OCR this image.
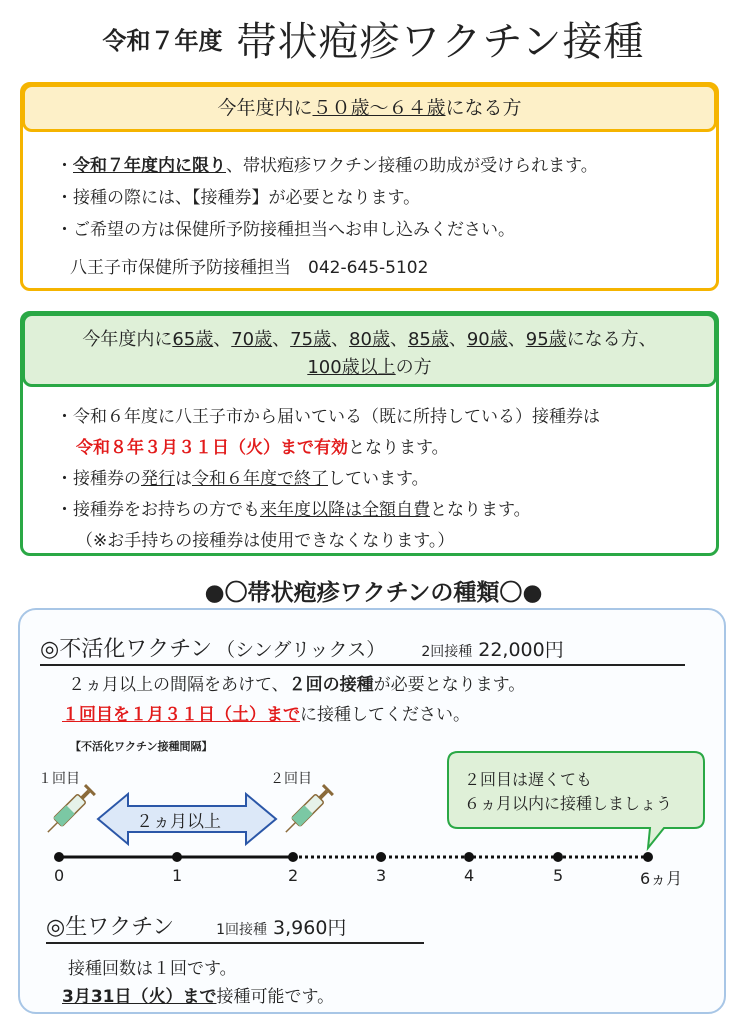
令和７年度 帯状疱疹ワクチン接種
今年度内に５０歳～６４歳になる方
・令和７年度内に限り、帯状疱疹ワクチン接種の助成が受けられます。
・接種の際には、【接種券】が必要となります。
・ご希望の方は保健所予防接種担当へお申し込みください。
八王子市保健所予防接種担当　042-645-5102
今年度内に65歳、70歳、75歳、80歳、85歳、90歳、95歳になる方、
100歳以上の方
・令和６年度に八王子市から届いている（既に所持している）接種券は
令和８年３月３１日（火）まで有効となります。
・接種券の発行は令和６年度で終了しています。
・接種券をお持ちの方でも来年度以降は全額自費となります。
（※お手持ちの接種券は使用できなくなります。）
●〇帯状疱疹ワクチンの種類〇●
◎不活化ワクチン （シングリックス）	2回接種 22,000円
２ヵ月以上の間隔をあけて、２回の接種が必要となります。
１回目を１月３１日（土）までに接種してください。
【不活化ワクチン接種間隔】
１回目	２回目
２ヵ月以上
２回目は遅くても
６ヵ月以内に接種しましょう
0	1	2	3	4	5	6ヵ月
◎生ワクチン	1回接種 3,960円
接種回数は１回です。
3月31日（火）まで接種可能です。
